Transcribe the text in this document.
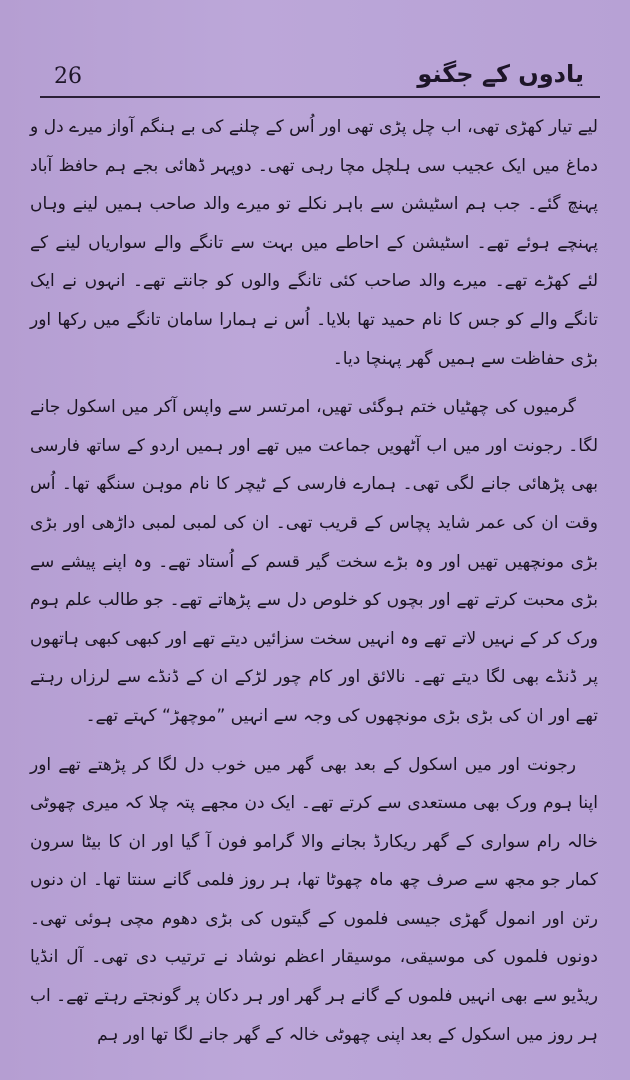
26	یادوں کے جگنو

لیے تیار کھڑی تھی، اب چل پڑی تھی اور اُس کے چلنے کی بے ہنگم آواز میرے دل و دماغ میں ایک عجیب سی ہلچل مچا رہی تھی۔ دوپہر ڈھائی بجے ہم حافظ آباد پہنچ گئے۔ جب ہم اسٹیشن سے باہر نکلے تو میرے والد صاحب ہمیں لینے وہاں پہنچے ہوئے تھے۔ اسٹیشن کے احاطے میں بہت سے تانگے والے سواریاں لینے کے لئے کھڑے تھے۔ میرے والد صاحب کئی تانگے والوں کو جانتے تھے۔ انہوں نے ایک تانگے والے کو جس کا نام حمید تھا بلایا۔ اُس نے ہمارا سامان تانگے میں رکھا اور بڑی حفاظت سے ہمیں گھر پہنچا دیا۔

گرمیوں کی چھٹیاں ختم ہوگئی تھیں، امرتسر سے واپس آکر میں اسکول جانے لگا۔ رجونت اور میں اب آٹھویں جماعت میں تھے اور ہمیں اردو کے ساتھ فارسی بھی پڑھائی جانے لگی تھی۔ ہمارے فارسی کے ٹیچر کا نام موہن سنگھ تھا۔ اُس وقت ان کی عمر شاید پچاس کے قریب تھی۔ ان کی لمبی لمبی داڑھی اور بڑی بڑی مونچھیں تھیں اور وہ بڑے سخت گیر قسم کے اُستاد تھے۔ وہ اپنے پیشے سے بڑی محبت کرتے تھے اور بچوں کو خلوص دل سے پڑھاتے تھے۔ جو طالب علم ہوم ورک کر کے نہیں لاتے تھے وہ انہیں سخت سزائیں دیتے تھے اور کبھی کبھی ہاتھوں پر ڈنڈے بھی لگا دیتے تھے۔ نالائق اور کام چور لڑکے ان کے ڈنڈے سے لرزاں رہتے تھے اور ان کی بڑی بڑی مونچھوں کی وجہ سے انہیں ”موچھڑ“ کہتے تھے۔

رجونت اور میں اسکول کے بعد بھی گھر میں خوب دل لگا کر پڑھتے تھے اور اپنا ہوم ورک بھی مستعدی سے کرتے تھے۔ ایک دن مجھے پتہ چلا کہ میری چھوٹی خالہ رام سواری کے گھر ریکارڈ بجانے والا گرامو فون آ گیا اور ان کا بیٹا سرون کمار جو مجھ سے صرف چھ ماہ چھوٹا تھا، ہر روز فلمی گانے سنتا تھا۔ ان دنوں رتن اور انمول گھڑی جیسی فلموں کے گیتوں کی بڑی دھوم مچی ہوئی تھی۔ دونوں فلموں کی موسیقی، موسیقار اعظم نوشاد نے ترتیب دی تھی۔ آل انڈیا ریڈیو سے بھی انہیں فلموں کے گانے ہر گھر اور ہر دکان پر گونجتے رہتے تھے۔ اب ہر روز میں اسکول کے بعد اپنی چھوٹی خالہ کے گھر جانے لگا تھا اور ہم
